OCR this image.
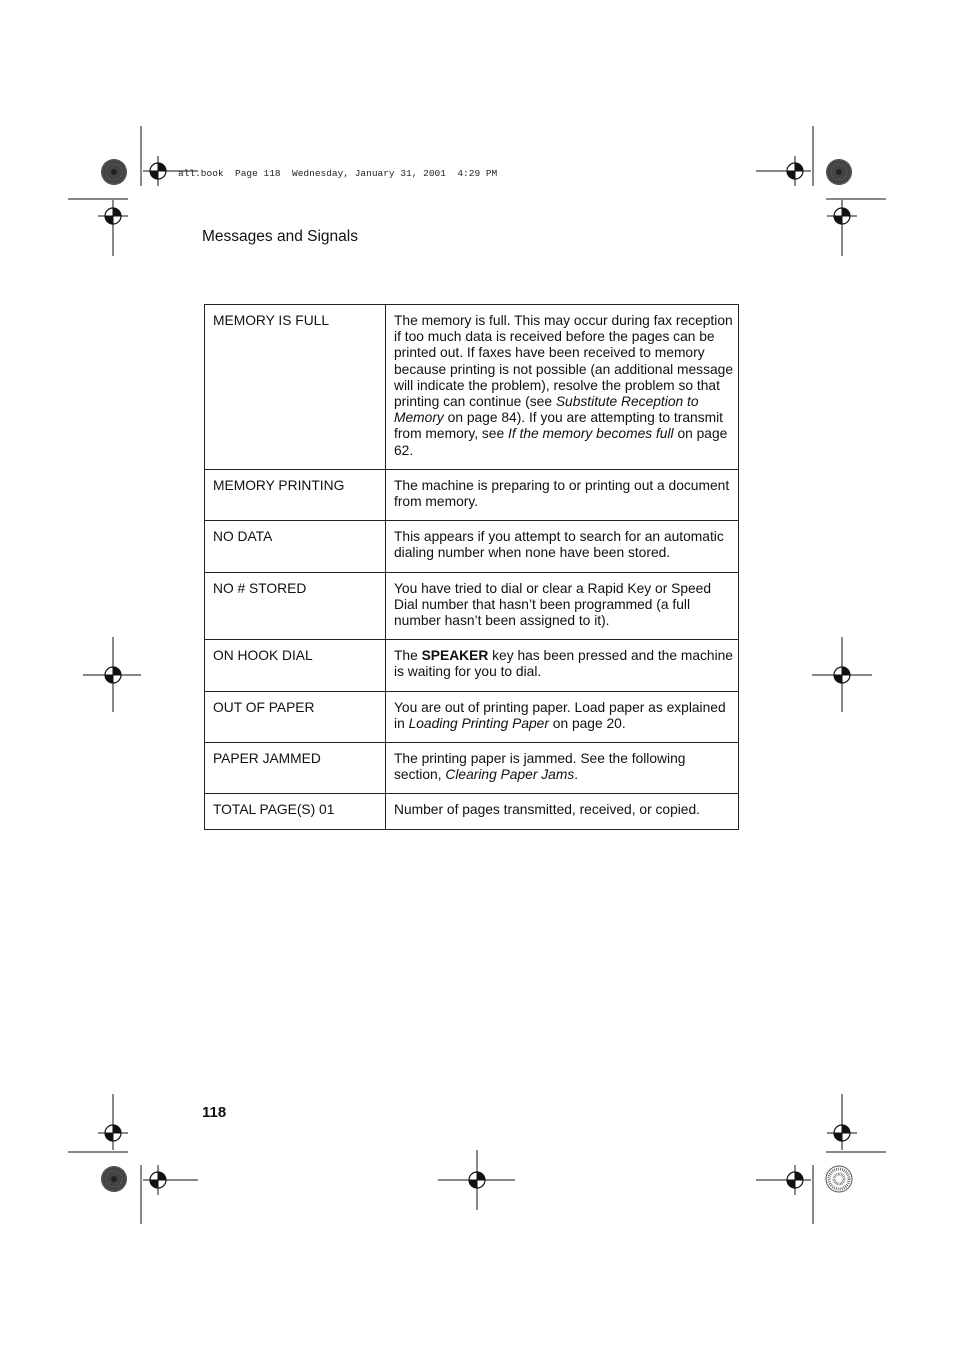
all.book  Page 118  Wednesday, January 31, 2001  4:29 PM
Messages and Signals
MEMORY IS FULL	The memory is full. This may occur during fax reception if too much data is received before the pages can be printed out. If faxes have been received to memory because printing is not possible (an additional message will indicate the problem), resolve the problem so that printing can continue (see Substitute Reception to Memory on page 84). If you are attempting to transmit from memory, see If the memory becomes full on page 62.
MEMORY PRINTING	The machine is preparing to or printing out a document from memory.
NO DATA	This appears if you attempt to search for an automatic dialing number when none have been stored.
NO # STORED	You have tried to dial or clear a Rapid Key or Speed Dial number that hasn’t been programmed (a full number hasn’t been assigned to it).
ON HOOK DIAL	The SPEAKER key has been pressed and the machine is waiting for you to dial.
OUT OF PAPER	You are out of printing paper. Load paper as explained in Loading Printing Paper on page 20.
PAPER JAMMED	The printing paper is jammed. See the following section, Clearing Paper Jams.
TOTAL PAGE(S) 01	Number of pages transmitted, received, or copied.
118
